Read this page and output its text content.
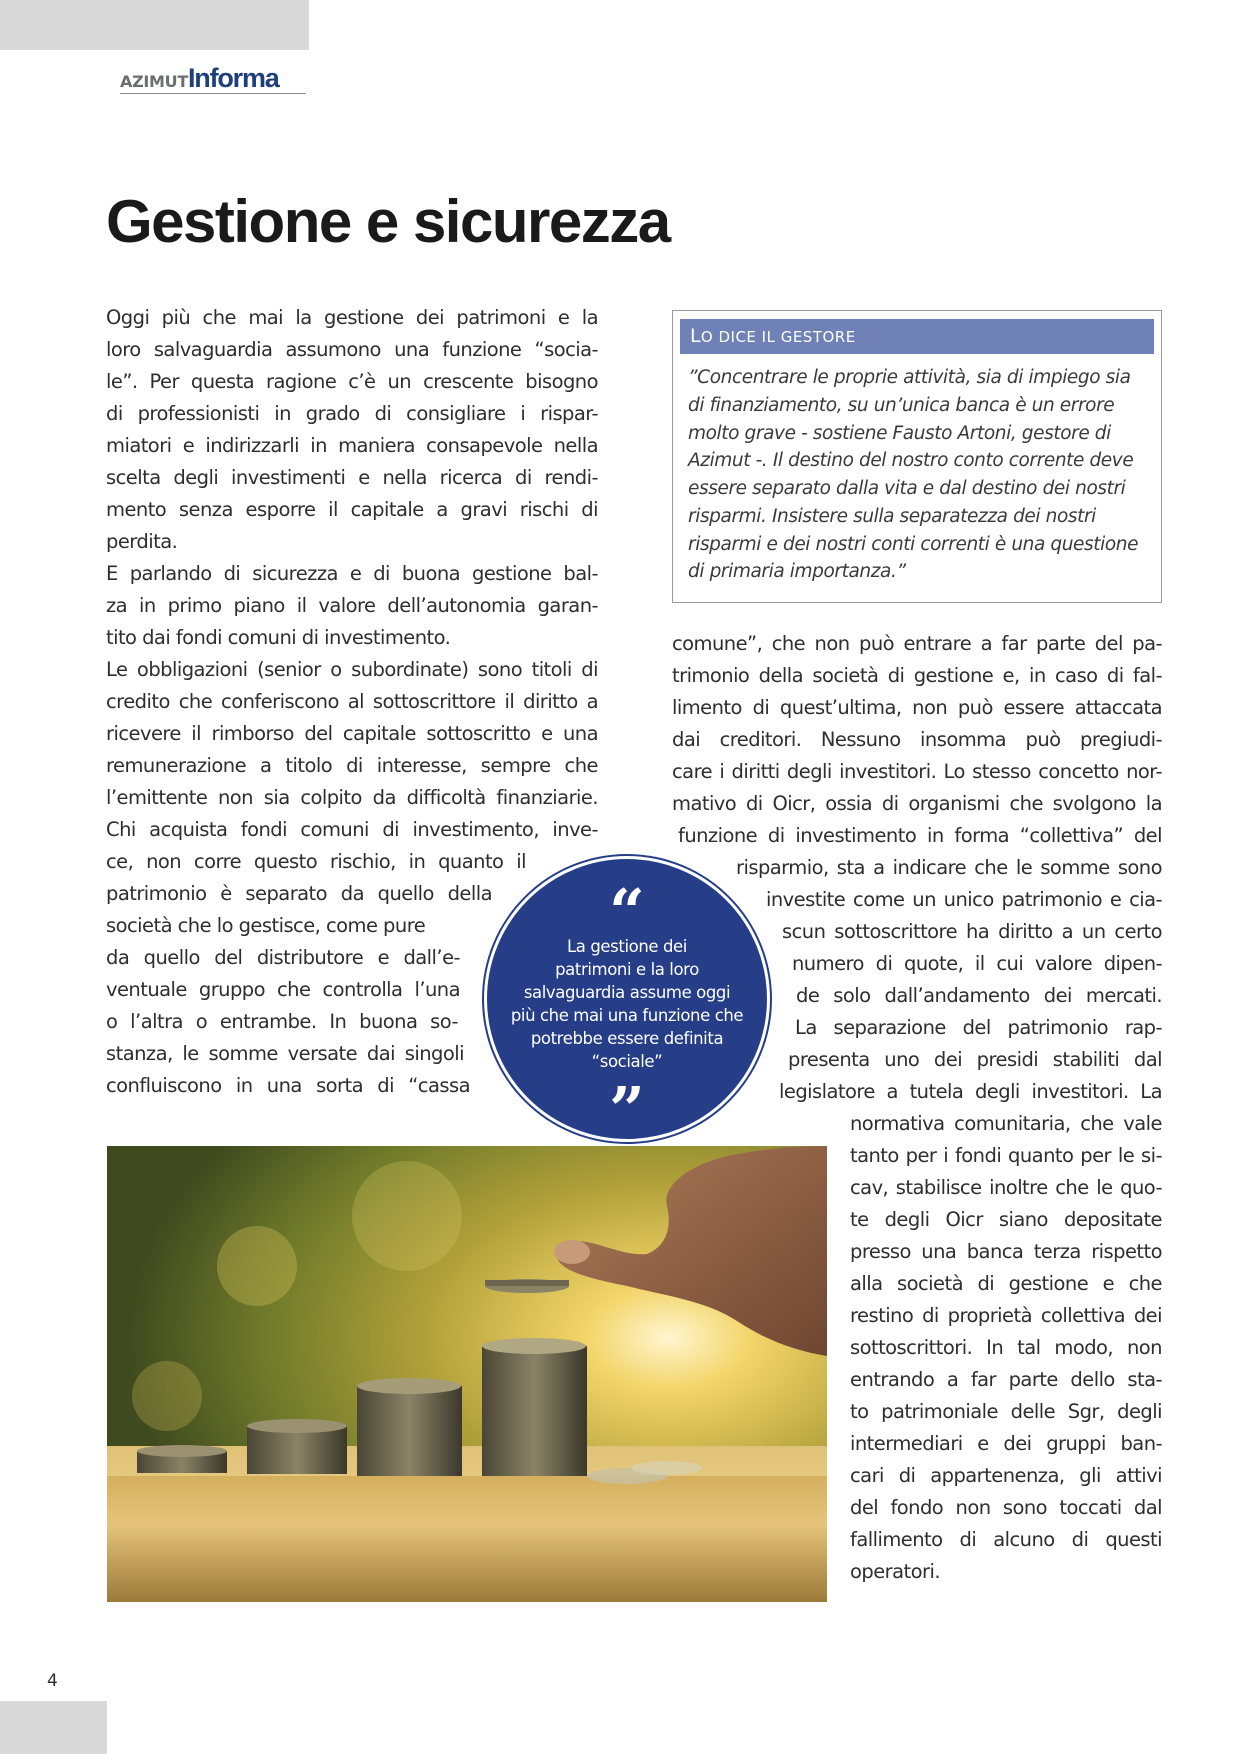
AZIMUTInforma
Gestione e sicurezza
Oggi più che mai la gestione dei patrimoni e la
loro salvaguardia assumono una funzione “socia-
le”. Per questa ragione c’è un crescente bisogno
di professionisti in grado di consigliare i rispar-
miatori e indirizzarli in maniera consapevole nella
scelta degli investimenti e nella ricerca di rendi-
mento senza esporre il capitale a gravi rischi di
perdita.
E parlando di sicurezza e di buona gestione bal-
za in primo piano il valore dell’autonomia garan-
tito dai fondi comuni di investimento.
Le obbligazioni (senior o subordinate) sono titoli di
credito che conferiscono al sottoscrittore il diritto a
ricevere il rimborso del capitale sottoscritto e una
remunerazione a titolo di interesse, sempre che
l’emittente non sia colpito da difficoltà finanziarie.
Chi acquista fondi comuni di investimento, inve-
ce, non corre questo rischio, in quanto il
patrimonio è separato da quello della
società che lo gestisce, come pure
da quello del distributore e dall’e-
ventuale gruppo che controlla l’una
o l’altra o entrambe. In buona so-
stanza, le somme versate dai singoli
confluiscono in una sorta di “cassa
LO DICE IL GESTORE
”Concentrare le proprie attività, sia di impiego sia
di finanziamento, su un’unica banca è un errore
molto grave - sostiene Fausto Artoni, gestore di
Azimut -. Il destino del nostro conto corrente deve
essere separato dalla vita e dal destino dei nostri
risparmi. Insistere sulla separatezza dei nostri
risparmi e dei nostri conti correnti è una questione
di primaria importanza.”
comune”, che non può entrare a far parte del pa-
trimonio della società di gestione e, in caso di fal-
limento di quest’ultima, non può essere attaccata
dai creditori. Nessuno insomma può pregiudi-
care i diritti degli investitori. Lo stesso concetto nor-
mativo di Oicr, ossia di organismi che svolgono la
funzione di investimento in forma “collettiva” del
risparmio, sta a indicare che le somme sono
investite come un unico patrimonio e cia-
scun sottoscrittore ha diritto a un certo
numero di quote, il cui valore dipen-
de solo dall’andamento dei mercati.
La separazione del patrimonio rap-
presenta uno dei presidi stabiliti dal
legislatore a tutela degli investitori. La
normativa comunitaria, che vale
tanto per i fondi quanto per le si-
cav, stabilisce inoltre che le quo-
te degli Oicr siano depositate
presso una banca terza rispetto
alla società di gestione e che
restino di proprietà collettiva dei
sottoscrittori. In tal modo, non
entrando a far parte dello sta-
to patrimoniale delle Sgr, degli
intermediari e dei gruppi ban-
cari di appartenenza, gli attivi
del fondo non sono toccati dal
fallimento di alcuno di questi
operatori.
“
La gestione dei
patrimoni e la loro
salvaguardia assume oggi
più che mai una funzione che
potrebbe essere definita
“sociale”
”
4
